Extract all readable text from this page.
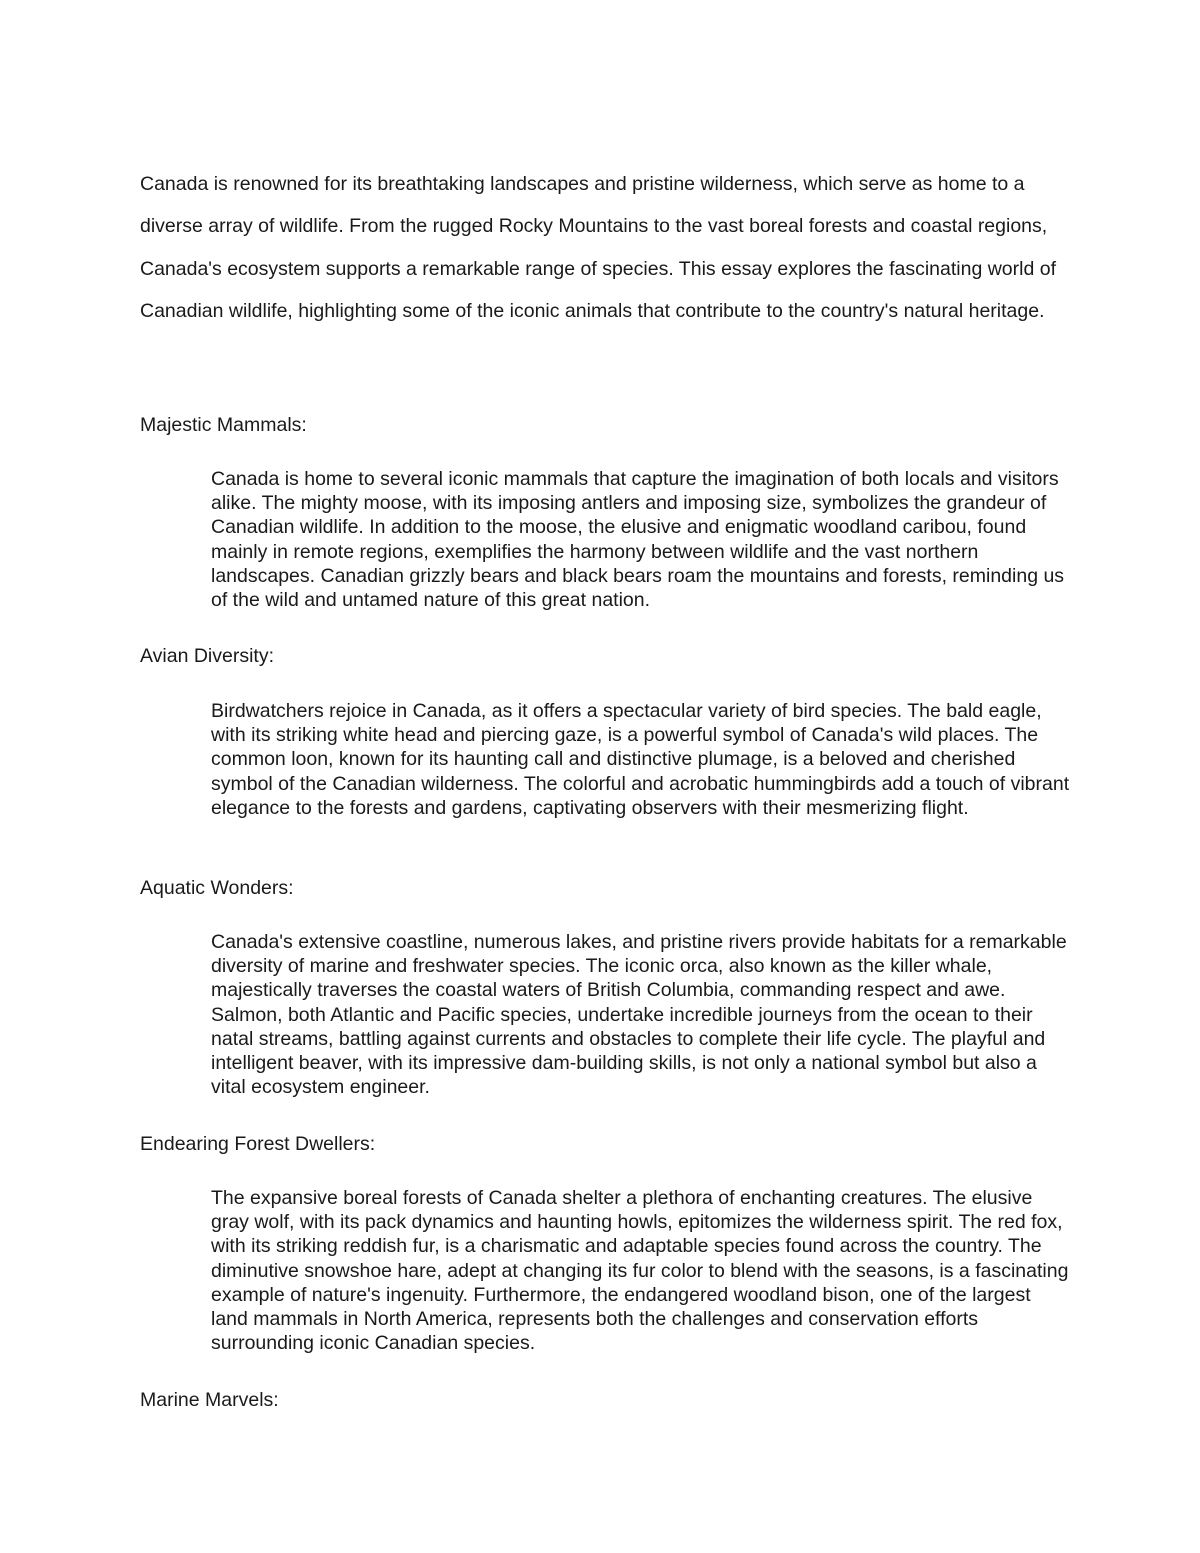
Canada is renowned for its breathtaking landscapes and pristine wilderness, which serve as home to a diverse array of wildlife. From the rugged Rocky Mountains to the vast boreal forests and coastal regions, Canada's ecosystem supports a remarkable range of species. This essay explores the fascinating world of Canadian wildlife, highlighting some of the iconic animals that contribute to the country's natural heritage.

Majestic Mammals:

Canada is home to several iconic mammals that capture the imagination of both locals and visitors alike. The mighty moose, with its imposing antlers and imposing size, symbolizes the grandeur of Canadian wildlife. In addition to the moose, the elusive and enigmatic woodland caribou, found mainly in remote regions, exemplifies the harmony between wildlife and the vast northern landscapes. Canadian grizzly bears and black bears roam the mountains and forests, reminding us of the wild and untamed nature of this great nation.

Avian Diversity:

Birdwatchers rejoice in Canada, as it offers a spectacular variety of bird species. The bald eagle, with its striking white head and piercing gaze, is a powerful symbol of Canada's wild places. The common loon, known for its haunting call and distinctive plumage, is a beloved and cherished symbol of the Canadian wilderness. The colorful and acrobatic hummingbirds add a touch of vibrant elegance to the forests and gardens, captivating observers with their mesmerizing flight.

Aquatic Wonders:

Canada's extensive coastline, numerous lakes, and pristine rivers provide habitats for a remarkable diversity of marine and freshwater species. The iconic orca, also known as the killer whale, majestically traverses the coastal waters of British Columbia, commanding respect and awe. Salmon, both Atlantic and Pacific species, undertake incredible journeys from the ocean to their natal streams, battling against currents and obstacles to complete their life cycle. The playful and intelligent beaver, with its impressive dam-building skills, is not only a national symbol but also a vital ecosystem engineer.

Endearing Forest Dwellers:

The expansive boreal forests of Canada shelter a plethora of enchanting creatures. The elusive gray wolf, with its pack dynamics and haunting howls, epitomizes the wilderness spirit. The red fox, with its striking reddish fur, is a charismatic and adaptable species found across the country. The diminutive snowshoe hare, adept at changing its fur color to blend with the seasons, is a fascinating example of nature's ingenuity. Furthermore, the endangered woodland bison, one of the largest land mammals in North America, represents both the challenges and conservation efforts surrounding iconic Canadian species.

Marine Marvels:
